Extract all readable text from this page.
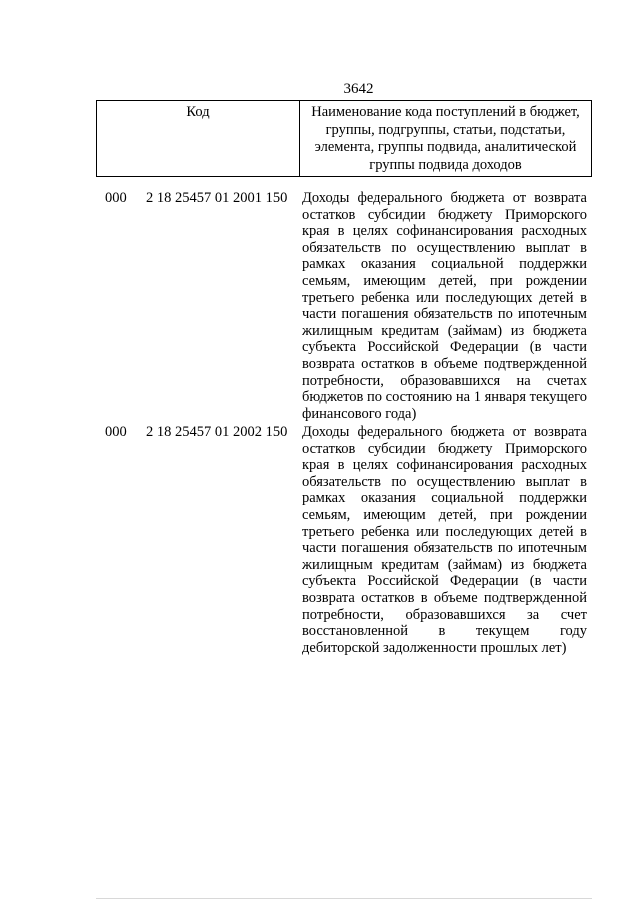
3642
Код	Наименование кода поступлений в бюджет, группы, подгруппы, статьи, подстатьи, элемента, группы подвида, аналитической группы подвида доходов
000 2 18 25457 01 2001 150 Доходы федерального бюджета от возврата остатков субсидии бюджету Приморского края в целях софинансирования расходных обязательств по осуществлению выплат в рамках оказания социальной поддержки семьям, имеющим детей, при рождении третьего ребенка или последующих детей в части погашения обязательств по ипотечным жилищным кредитам (займам) из бюджета субъекта Российской Федерации (в части возврата остатков в объеме подтвержденной потребности, образовавшихся на счетах бюджетов по состоянию на 1 января текущего финансового года)
000 2 18 25457 01 2002 150 Доходы федерального бюджета от возврата остатков субсидии бюджету Приморского края в целях софинансирования расходных обязательств по осуществлению выплат в рамках оказания социальной поддержки семьям, имеющим детей, при рождении третьего ребенка или последующих детей в части погашения обязательств по ипотечным жилищным кредитам (займам) из бюджета субъекта Российской Федерации (в части возврата остатков в объеме подтвержденной потребности, образовавшихся за счет восстановленной в текущем году дебиторской задолженности прошлых лет)
